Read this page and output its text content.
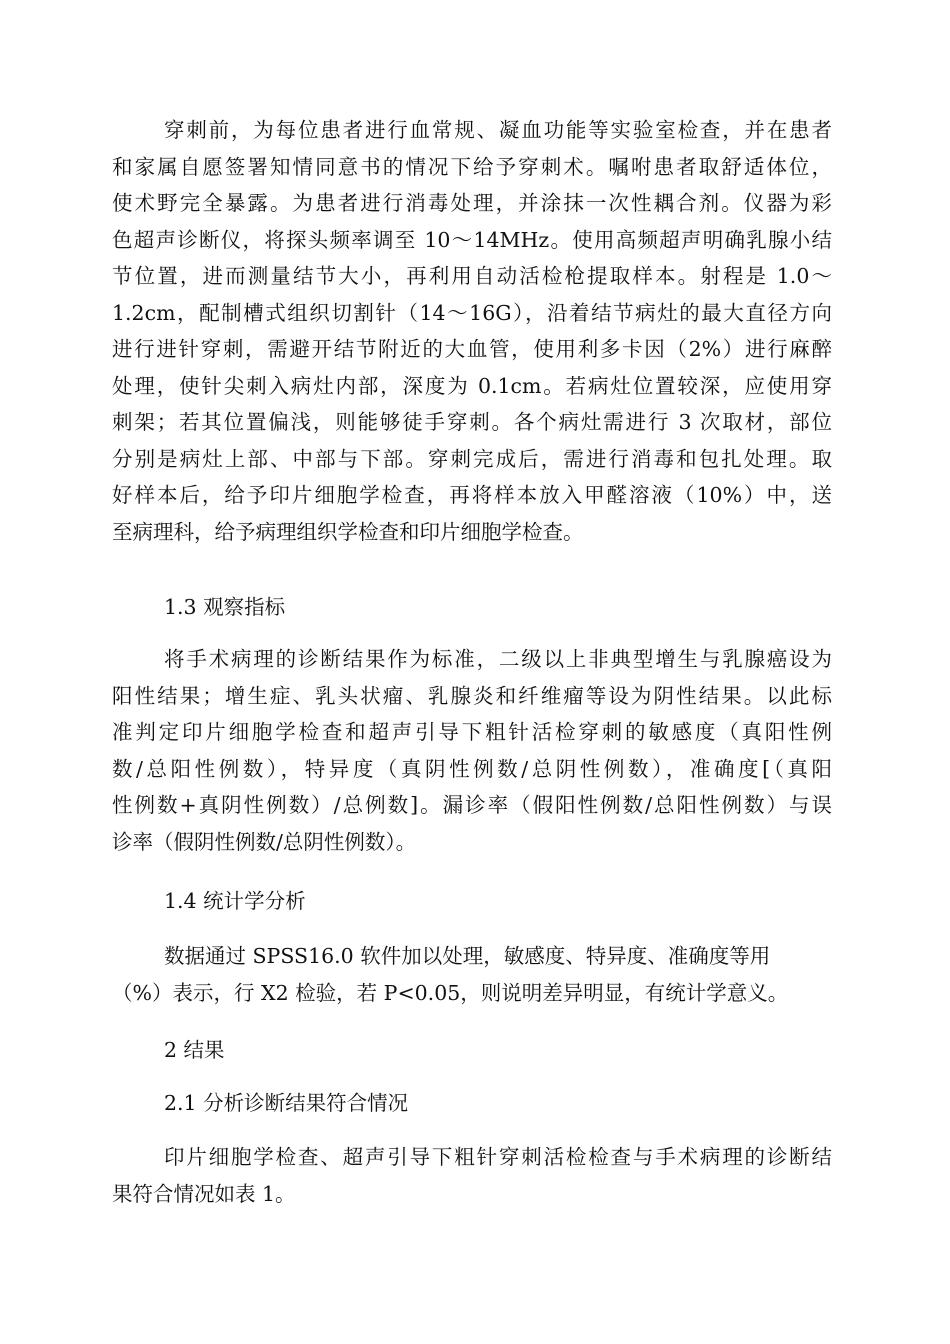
穿刺前，为每位患者进行血常规、凝血功能等实验室检查，并在患者
和家属自愿签署知情同意书的情况下给予穿刺术。嘱咐患者取舒适体位，
使术野完全暴露。为患者进行消毒处理，并涂抹一次性耦合剂。仪器为彩
色超声诊断仪，将探头频率调至 10～14MHz。使用高频超声明确乳腺小结
节位置，进而测量结节大小，再利用自动活检枪提取样本。射程是 1.0～
1.2cm，配制槽式组织切割针（14～16G），沿着结节病灶的最大直径方向
进行进针穿刺，需避开结节附近的大血管，使用利多卡因（2%）进行麻醉
处理，使针尖刺入病灶内部，深度为 0.1cm。若病灶位置较深，应使用穿
刺架；若其位置偏浅，则能够徒手穿刺。各个病灶需进行 3 次取材，部位
分别是病灶上部、中部与下部。穿刺完成后，需进行消毒和包扎处理。取
好样本后，给予印片细胞学检查，再将样本放入甲醛溶液（10%）中，送
至病理科，给予病理组织学检查和印片细胞学检查。
1.3 观察指标
将手术病理的诊断结果作为标准，二级以上非典型增生与乳腺癌设为
阳性结果；增生症、乳头状瘤、乳腺炎和纤维瘤等设为阴性结果。以此标
准判定印片细胞学检查和超声引导下粗针活检穿刺的敏感度（真阳性例
数/总阳性例数），特异度（真阴性例数/总阴性例数），准确度[（真阳
性例数+真阴性例数）/总例数]。漏诊率（假阳性例数/总阳性例数）与误
诊率（假阴性例数/总阴性例数）。
1.4 统计学分析
数据通过 SPSS16.0 软件加以处理，敏感度、特异度、准确度等用
（%）表示，行 X2 检验，若 P<0.05，则说明差异明显，有统计学意义。
2 结果
2.1 分析诊断结果符合情况
印片细胞学检查、超声引导下粗针穿刺活检检查与手术病理的诊断结
果符合情况如表 1。
